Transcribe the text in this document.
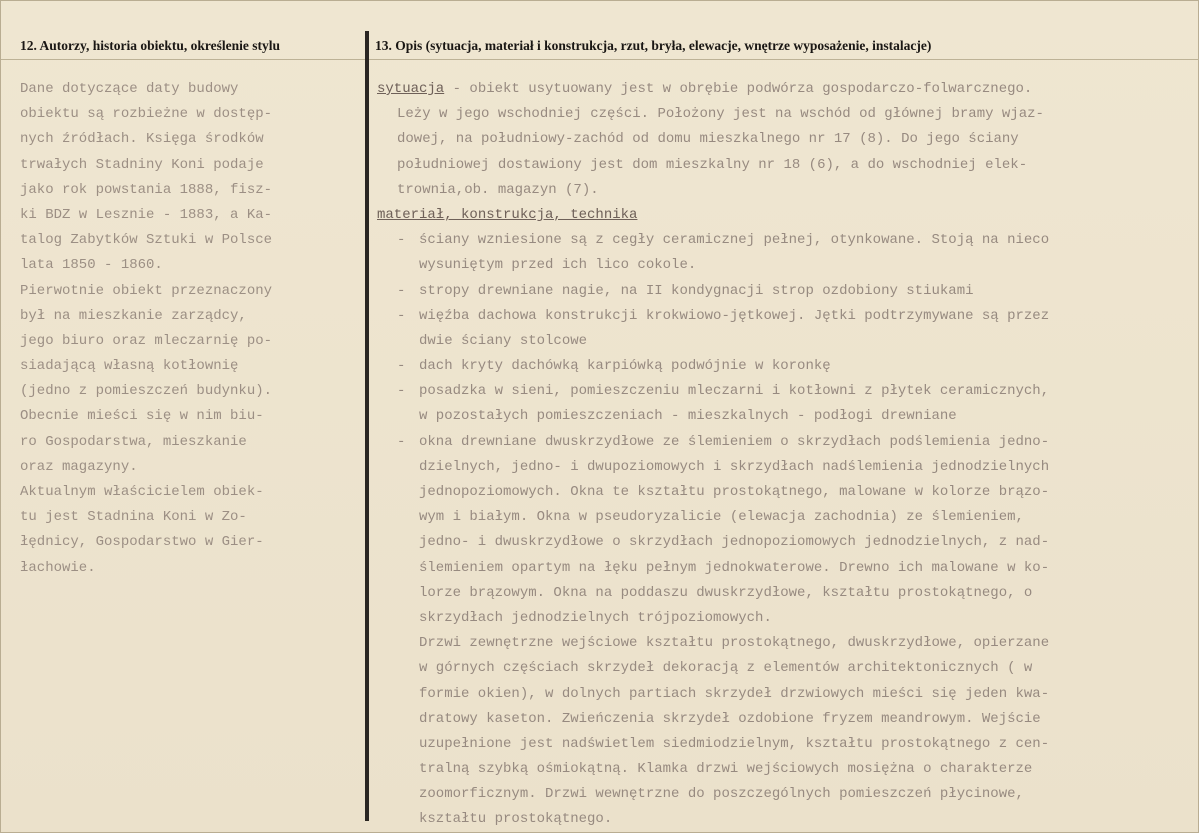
12. Autorzy, historia obiektu, określenie stylu	13. Opis (sytuacja, materiał i konstrukcja, rzut, bryła, elewacje, wnętrze wyposażenie, instalacje)
Dane dotyczące daty budowy
obiektu są rozbieżne w dostęp-
nych źródłach. Księga środków
trwałych Stadniny Koni podaje
jako rok powstania 1888, fisz-
ki BDZ w Lesznie - 1883, a Ka-
talog Zabytków Sztuki w Polsce
lata 1850 - 1860.
Pierwotnie obiekt przeznaczony
był na mieszkanie zarządcy,
jego biuro oraz mleczarnię po-
siadającą własną kotłownię
(jedno z pomieszczeń budynku).
Obecnie mieści się w nim biu-
ro Gospodarstwa, mieszkanie
oraz magazyny.
Aktualnym właścicielem obiek-
tu jest Stadnina Koni w Zo-
łędnicy, Gospodarstwo w Gier-
łachowie.
sytuacja - obiekt usytuowany jest w obrębie podwórza gospodarczo-folwarcznego.
Leży w jego wschodniej części. Położony jest na wschód od głównej bramy wjaz-
dowej, na południowy-zachód od domu mieszkalnego nr 17 (8). Do jego ściany
południowej dostawiony jest dom mieszkalny nr 18 (6), a do wschodniej elek-
trownia,ob. magazyn (7).
materiał, konstrukcja, technika
- ściany wzniesione są z cegły ceramicznej pełnej, otynkowane. Stoją na nieco
wysuniętym przed ich lico cokole.
- stropy drewniane nagie, na II kondygnacji strop ozdobiony stiukami
- więźba dachowa konstrukcji krokwiowo-jętkowej. Jętki podtrzymywane są przez
dwie ściany stolcowe
- dach kryty dachówką karpiówką podwójnie w koronkę
- posadzka w sieni, pomieszczeniu mleczarni i kotłowni z płytek ceramicznych,
w pozostałych pomieszczeniach - mieszkalnych - podłogi drewniane
- okna drewniane dwuskrzydłowe ze ślemieniem o skrzydłach podślemienia jedno-
dzielnych, jedno- i dwupoziomowych i skrzydłach nadślemienia jednodzielnych
jednopoziomowych. Okna te kształtu prostokątnego, malowane w kolorze brązo-
wym i białym. Okna w pseudoryzalicie (elewacja zachodnia) ze ślemieniem,
jedno- i dwuskrzydłowe o skrzydłach jednopoziomowych jednodzielnych, z nad-
ślemieniem opartym na łęku pełnym jednokwaterowe. Drewno ich malowane w ko-
lorze brązowym. Okna na poddaszu dwuskrzydłowe, kształtu prostokątnego, o
skrzydłach jednodzielnych trójpoziomowych.
Drzwi zewnętrzne wejściowe kształtu prostokątnego, dwuskrzydłowe, opierzane
w górnych częściach skrzydeł dekoracją z elementów architektonicznych ( w
formie okien), w dolnych partiach skrzydeł drzwiowych mieści się jeden kwa-
dratowy kaseton. Zwieńczenia skrzydeł ozdobione fryzem meandrowym. Wejście
uzupełnione jest nadświetlem siedmiodzielnym, kształtu prostokątnego z cen-
tralną szybką ośmiokątną. Klamka drzwi wejściowych mosiężna o charakterze
zoomorficznym. Drzwi wewnętrzne do poszczególnych pomieszczeń płycinowe,
kształtu prostokątnego.
